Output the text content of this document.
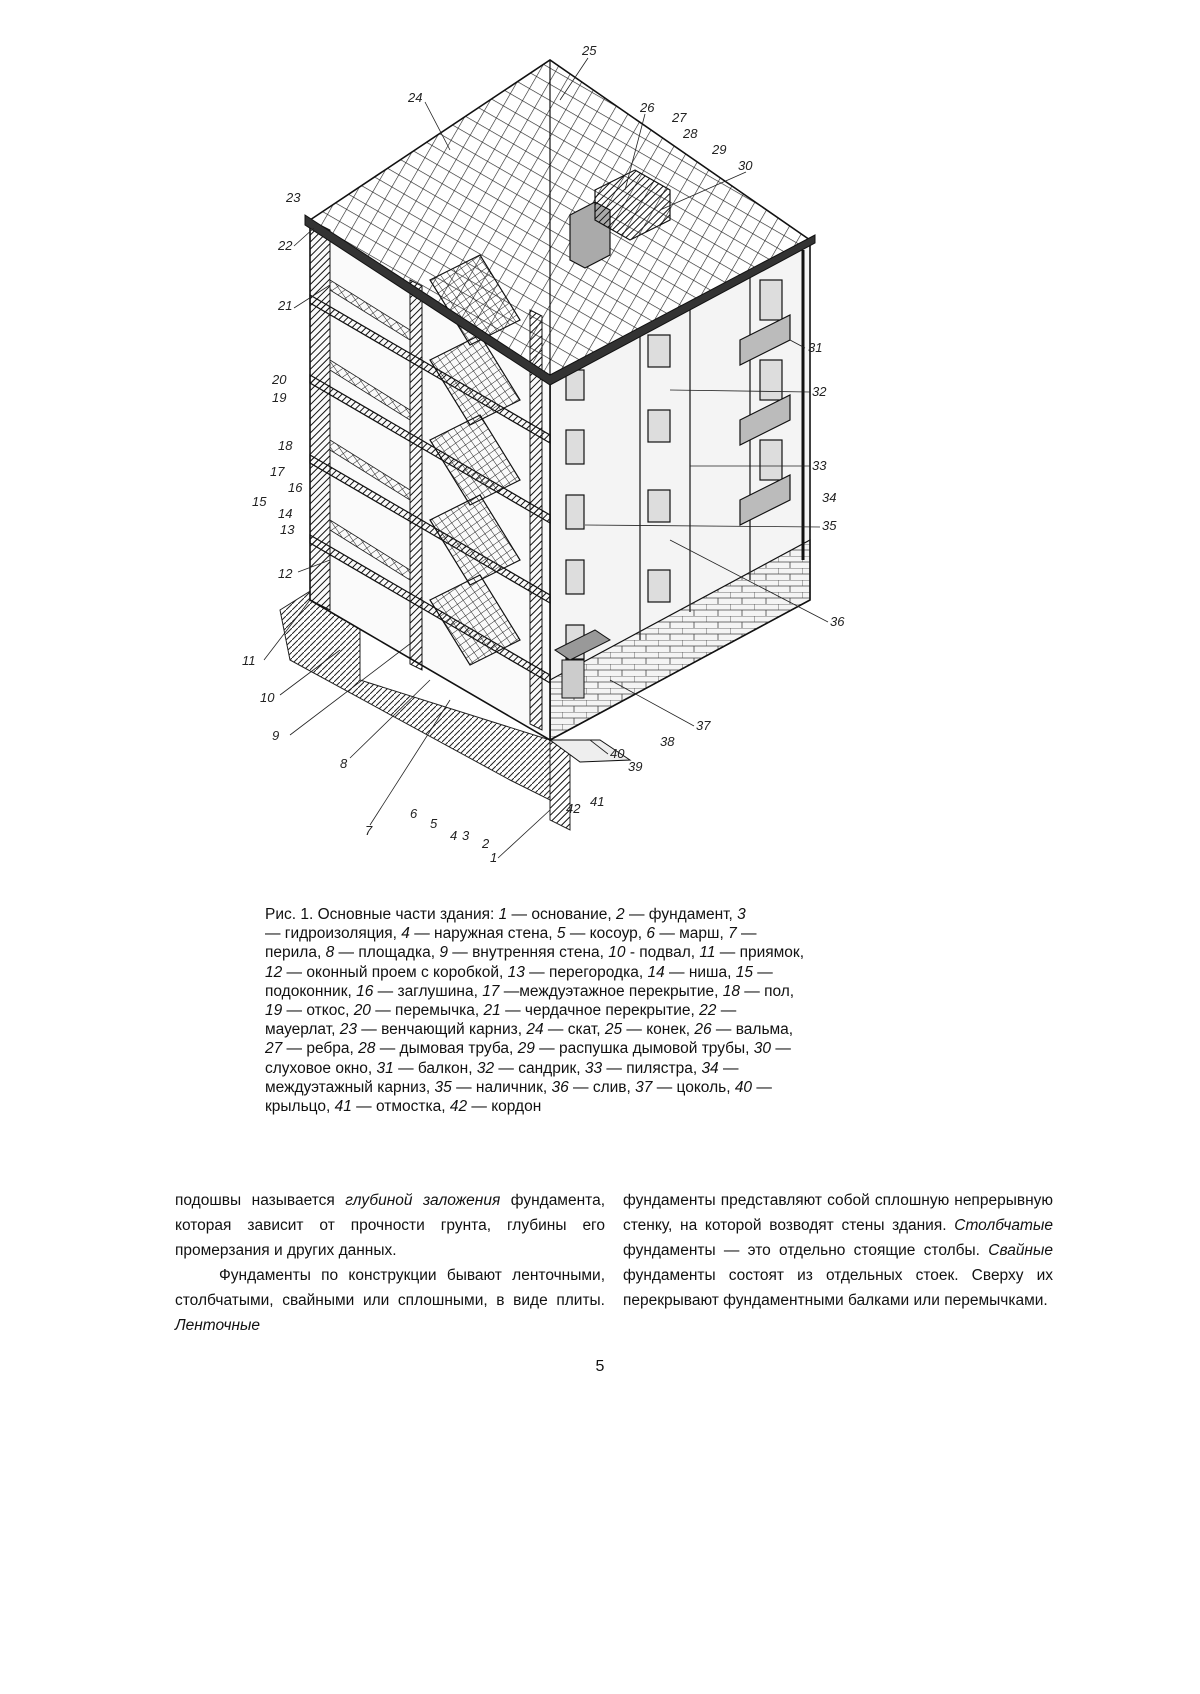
1
2
3
4
5
6
7
8
9
10
11
12
13
14
15
16
17
18
19
20
21
22
23
24
25
26
27
28
29
30
31
32
33
34
35
36
37
38
39
40
41
42
Рис. 1. Основные части здания: 1 — основание, 2 — фундамент, 3
— гидроизоляция, 4 — наружная стена, 5 — косоур, 6 — марш, 7 —
перила, 8 — площадка, 9 — внутренняя стена, 10 - подвал, 11 — приямок,
12 — оконный проем с коробкой, 13 — перегородка, 14 — ниша, 15 —
подоконник, 16 — заглушина, 17 —междуэтажное перекрытие, 18 — пол,
19 — откос, 20 — перемычка, 21 — чердачное перекрытие, 22 —
мауерлат, 23 — венчающий карниз, 24 — скат, 25 — конек, 26 — вальма,
27 — ребра, 28 — дымовая труба, 29 — распушка дымовой трубы, 30 —
слуховое окно, 31 — балкон, 32 — сандрик, 33 — пилястра, 34 —
междуэтажный карниз, 35 — наличник, 36 — слив, 37 — цоколь, 40 —
крыльцо, 41 — отмостка, 42 — кордон

подошвы называется глубиной заложения фундамента, которая зависит от прочности грунта, глубины его промерзания и других данных.

Фундаменты по конструкции бывают ленточными, столбчатыми, свайными или сплошными, в виде плиты. Ленточные

фундаменты представляют собой сплошную непрерывную стенку, на которой возводят стены здания. Столбчатые фундаменты — это отдельно стоящие столбы. Свайные фундаменты состоят из отдельных стоек. Сверху их перекрывают фундаментными балками или перемычками.

5
